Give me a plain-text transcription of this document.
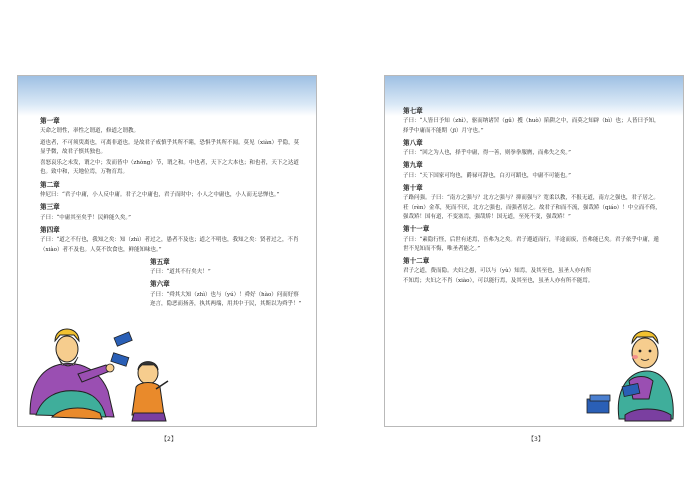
第一章

天命之谓性，率性之谓道，修道之谓教。

道也者，不可须臾离也，可离非道也。是故君子戒慎乎其所不睹，恐惧乎其所不闻。莫见（xiàn）乎隐，莫显乎微，故君子慎其独也。

喜怒哀乐之未发，谓之中；发而皆中（zhòng）节，谓之和。中也者，天下之大本也；和也者，天下之达道也。致中和，天地位焉，万物育焉。

第二章

仲尼曰：“君子中庸，小人反中庸。君子之中庸也，君子而时中；小人之中庸也，小人而无忌惮也。”

第三章

子曰：“中庸其至矣乎！民鲜能久矣。”

第四章

子曰：“道之不行也，我知之矣：知（zhì）者过之，愚者不及也；道之不明也，我知之矣：贤者过之，不肖（xiào）者不及也。人莫不饮食也，鲜能知味也。”

第五章

子曰：“道其不行矣夫！”

第六章

子曰：“舜其大知（zhì）也与（yú）！舜好（hào）问而好察迩言，隐恶而扬善，执其两端，用其中于民，其斯以为舜乎！”

【2】
第七章

子曰：“人皆曰予知（zhì），驱而纳诸罟（gǔ）擭（huò）陷阱之中，而莫之知辟（bì）也；人皆曰予知，择乎中庸而不能期（jī）月守也。”

第八章

子曰：“回之为人也，择乎中庸，得一善，则拳拳服膺，而弗失之矣。”

第九章

子曰：“天下国家可均也，爵禄可辞也，白刃可蹈也，中庸不可能也。”

第十章

子路问强。子曰：“南方之强与？北方之强与？抑而强与？宽柔以教，不报无道，南方之强也，君子居之。衽（rèn）金革，死而不厌，北方之强也，而强者居之。故君子和而不流，强哉矫（qiáo）！中立而不倚，强哉矫！国有道，不变塞焉，强哉矫！国无道，至死不变，强哉矫！”

第十一章

子曰：“素隐行怪，后世有述焉，吾弗为之矣。君子遵道而行，半途而废，吾弗能已矣。君子依乎中庸，遁世不见知而不悔，唯圣者能之。”

第十二章

君子之道，费而隐。夫妇之愚，可以与（yù）知焉，及其至也，虽圣人亦有所不知焉；夫妇之不肖（xiào），可以能行焉，及其至也，虽圣人亦有所不能焉。

【3】
